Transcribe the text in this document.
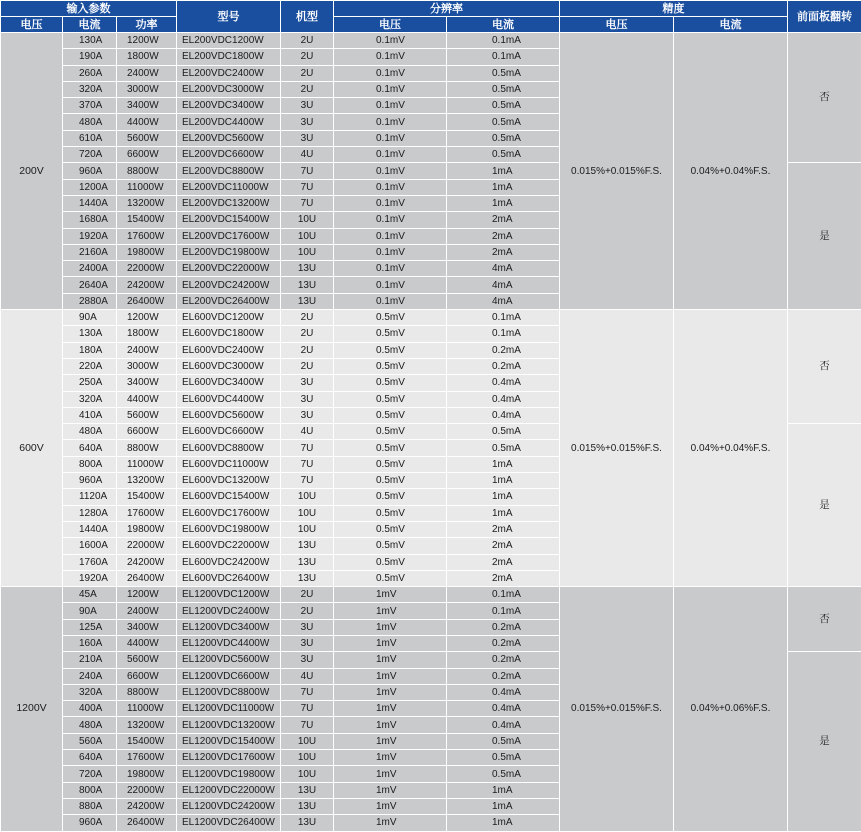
输入参数			型号	机型	分辨率		精度		前面板翻转
电压	电流	功率			电压	电流	电压	电流	
200V	130A	1200W	EL200VDC1200W	2U	0.1mV	0.1mA	0.015%+0.015%F.S.	0.04%+0.04%F.S.	否
	190A	1800W	EL200VDC1800W	2U	0.1mV	0.1mA			
	260A	2400W	EL200VDC2400W	2U	0.1mV	0.5mA			
	320A	3000W	EL200VDC3000W	2U	0.1mV	0.5mA			
	370A	3400W	EL200VDC3400W	3U	0.1mV	0.5mA			
	480A	4400W	EL200VDC4400W	3U	0.1mV	0.5mA			
	610A	5600W	EL200VDC5600W	3U	0.1mV	0.5mA			
	720A	6600W	EL200VDC6600W	4U	0.1mV	0.5mA			
	960A	8800W	EL200VDC8800W	7U	0.1mV	1mA			是
	1200A	11000W	EL200VDC11000W	7U	0.1mV	1mA			
	1440A	13200W	EL200VDC13200W	7U	0.1mV	1mA			
	1680A	15400W	EL200VDC15400W	10U	0.1mV	2mA			
	1920A	17600W	EL200VDC17600W	10U	0.1mV	2mA			
	2160A	19800W	EL200VDC19800W	10U	0.1mV	2mA			
	2400A	22000W	EL200VDC22000W	13U	0.1mV	4mA			
	2640A	24200W	EL200VDC24200W	13U	0.1mV	4mA			
	2880A	26400W	EL200VDC26400W	13U	0.1mV	4mA			
600V	90A	1200W	EL600VDC1200W	2U	0.5mV	0.1mA	0.015%+0.015%F.S.	0.04%+0.04%F.S.	否
	130A	1800W	EL600VDC1800W	2U	0.5mV	0.1mA			
	180A	2400W	EL600VDC2400W	2U	0.5mV	0.2mA			
	220A	3000W	EL600VDC3000W	2U	0.5mV	0.2mA			
	250A	3400W	EL600VDC3400W	3U	0.5mV	0.4mA			
	320A	4400W	EL600VDC4400W	3U	0.5mV	0.4mA			
	410A	5600W	EL600VDC5600W	3U	0.5mV	0.4mA			
	480A	6600W	EL600VDC6600W	4U	0.5mV	0.5mA			是
	640A	8800W	EL600VDC8800W	7U	0.5mV	0.5mA			
	800A	11000W	EL600VDC11000W	7U	0.5mV	1mA			
	960A	13200W	EL600VDC13200W	7U	0.5mV	1mA			
	1120A	15400W	EL600VDC15400W	10U	0.5mV	1mA			
	1280A	17600W	EL600VDC17600W	10U	0.5mV	1mA			
	1440A	19800W	EL600VDC19800W	10U	0.5mV	2mA			
	1600A	22000W	EL600VDC22000W	13U	0.5mV	2mA			
	1760A	24200W	EL600VDC24200W	13U	0.5mV	2mA			
	1920A	26400W	EL600VDC26400W	13U	0.5mV	2mA			
1200V	45A	1200W	EL1200VDC1200W	2U	1mV	0.1mA	0.015%+0.015%F.S.	0.04%+0.06%F.S.	否
	90A	2400W	EL1200VDC2400W	2U	1mV	0.1mA			
	125A	3400W	EL1200VDC3400W	3U	1mV	0.2mA			
	160A	4400W	EL1200VDC4400W	3U	1mV	0.2mA			
	210A	5600W	EL1200VDC5600W	3U	1mV	0.2mA			是
	240A	6600W	EL1200VDC6600W	4U	1mV	0.2mA			
	320A	8800W	EL1200VDC8800W	7U	1mV	0.4mA			
	400A	11000W	EL1200VDC11000W	7U	1mV	0.4mA			
	480A	13200W	EL1200VDC13200W	7U	1mV	0.4mA			
	560A	15400W	EL1200VDC15400W	10U	1mV	0.5mA			
	640A	17600W	EL1200VDC17600W	10U	1mV	0.5mA			
	720A	19800W	EL1200VDC19800W	10U	1mV	0.5mA			
	800A	22000W	EL1200VDC22000W	13U	1mV	1mA			
	880A	24200W	EL1200VDC24200W	13U	1mV	1mA			
	960A	26400W	EL1200VDC26400W	13U	1mV	1mA			
